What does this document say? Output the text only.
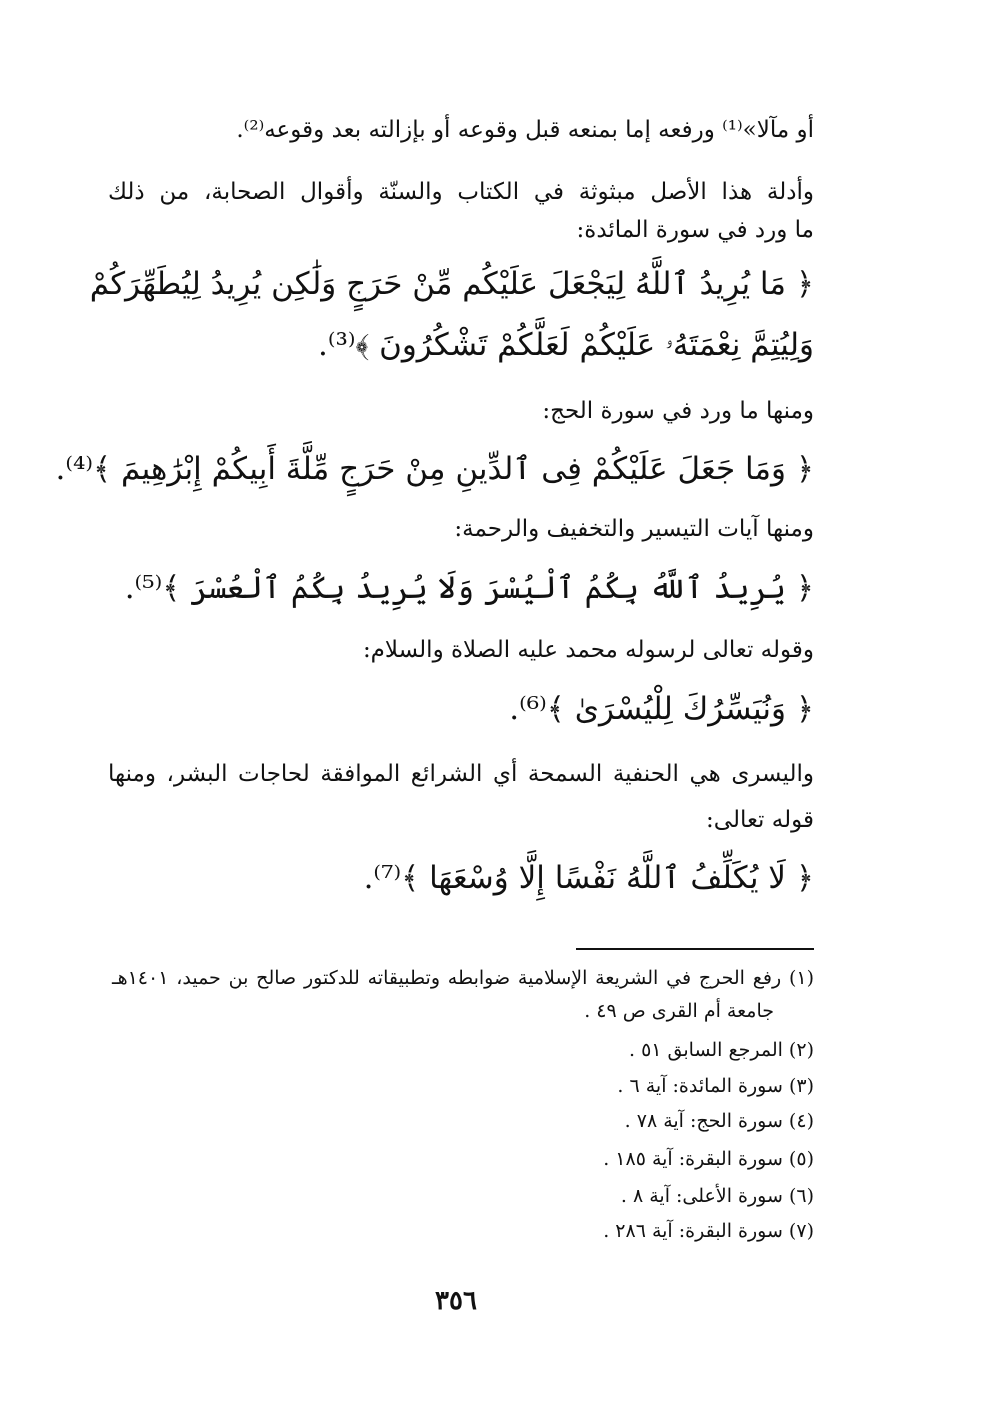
أو مآلا»⁽¹⁾ ورفعه إما بمنعه قبل وقوعه أو بإزالته بعد وقوعه⁽²⁾.
وأدلة هذا الأصل مبثوثة في الكتاب والسنّة وأقوال الصحابة، من ذلك
ما ورد في سورة المائدة:
﴿ مَا يُرِيدُ ٱللَّهُ لِيَجْعَلَ عَلَيْكُم مِّنْ حَرَجٍ وَلَٰكِن يُرِيدُ لِيُطَهِّرَكُمْ
وَلِيُتِمَّ نِعْمَتَهُۥ عَلَيْكُمْ لَعَلَّكُمْ تَشْكُرُونَ ﴾⁽³⁾.
ومنها ما ورد في سورة الحج:
﴿ وَمَا جَعَلَ عَلَيْكُمْ فِى ٱلدِّينِ مِنْ حَرَجٍ مِّلَّةَ أَبِيكُمْ إِبْرَٰهِيمَ ﴾⁽⁴⁾.
ومنها آيات التيسير والتخفيف والرحمة:
﴿ يُرِيدُ ٱللَّهُ بِكُمُ ٱلْيُسْرَ وَلَا يُرِيدُ بِكُمُ ٱلْعُسْرَ ﴾⁽⁵⁾.
وقوله تعالى لرسوله محمد عليه الصلاة والسلام:
﴿ وَنُيَسِّرُكَ لِلْيُسْرَىٰ ﴾⁽⁶⁾.
واليسرى هي الحنفية السمحة أي الشرائع الموافقة لحاجات البشر، ومنها
قوله تعالى:
﴿ لَا يُكَلِّفُ ٱللَّهُ نَفْسًا إِلَّا وُسْعَهَا ﴾⁽⁷⁾.
(١) رفع الحرج في الشريعة الإسلامية ضوابطه وتطبيقاته للدكتور صالح بن حميد، ١٤٠١هـ
جامعة أم القرى ص ٤٩ .
(٢) المرجع السابق ٥١ .
(٣) سورة المائدة: آية ٦ .
(٤) سورة الحج: آية ٧٨ .
(٥) سورة البقرة: آية ١٨٥ .
(٦) سورة الأعلى: آية ٨ .
(٧) سورة البقرة: آية ٢٨٦ .
٣٥٦
